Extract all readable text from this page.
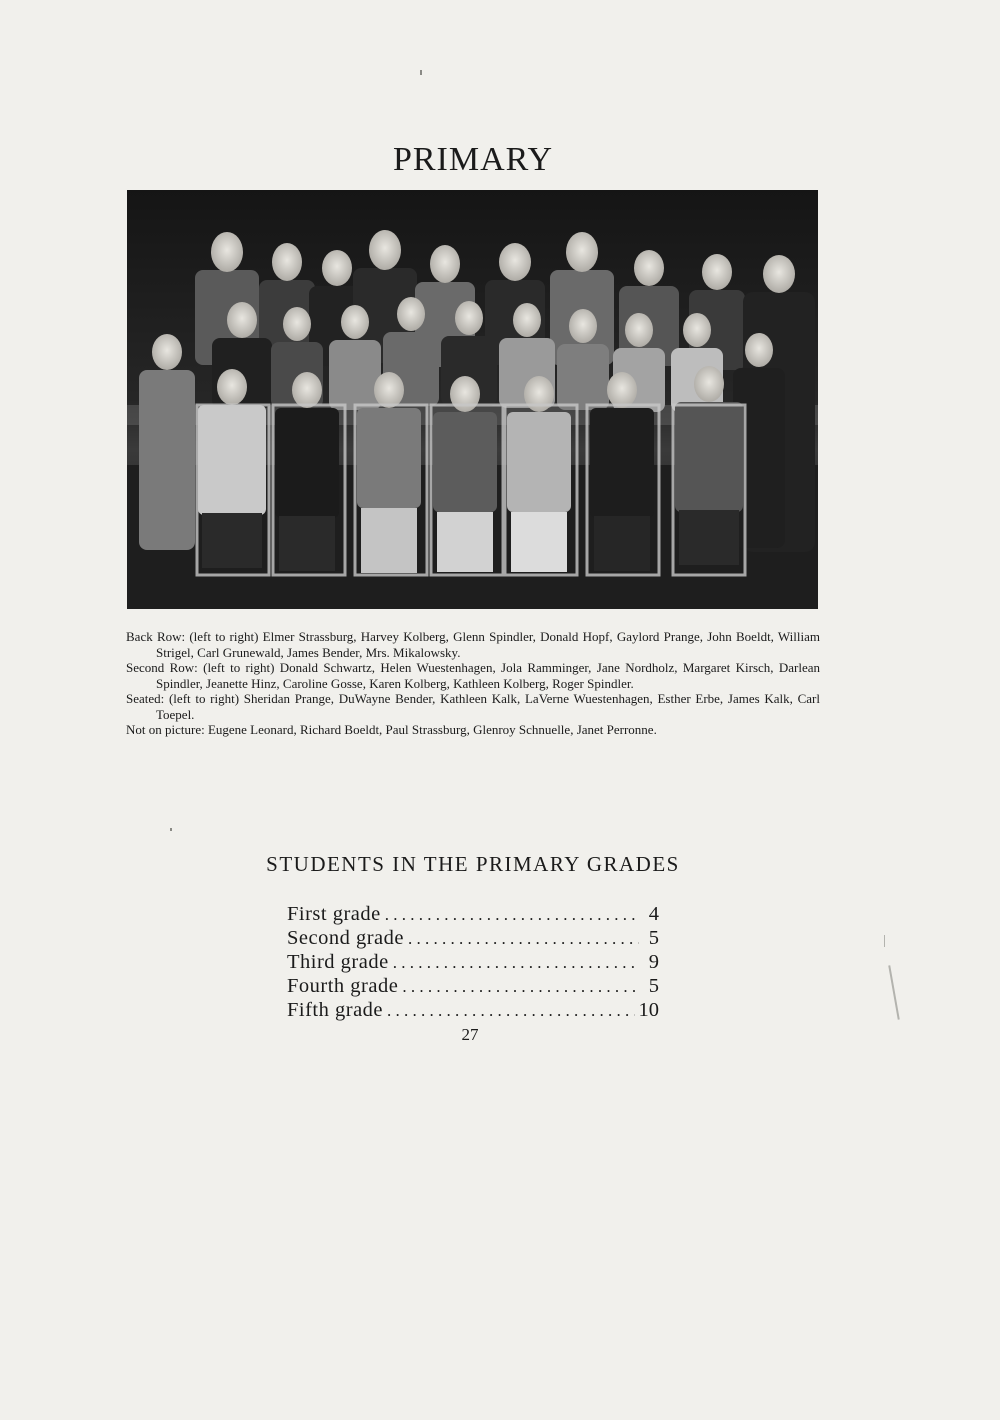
PRIMARY

Back Row: (left to right) Elmer Strassburg, Harvey Kolberg, Glenn Spindler, Donald Hopf, Gaylord Prange, John Boeldt, William Strigel, Carl Grunewald, James Bender, Mrs. Mikalowsky.

Second Row: (left to right) Donald Schwartz, Helen Wuestenhagen, Jola Ramminger, Jane Nordholz, Margaret Kirsch, Darlean Spindler, Jeanette Hinz, Caroline Gosse, Karen Kolberg, Kathleen Kolberg, Roger Spindler.

Seated: (left to right) Sheridan Prange, DuWayne Bender, Kathleen Kalk, LaVerne Wuestenhagen, Esther Erbe, James Kalk, Carl Toepel.

Not on picture: Eugene Leonard, Richard Boeldt, Paul Strassburg, Glenroy Schnuelle, Janet Perronne.

STUDENTS IN THE PRIMARY GRADES
First grade . . .	4
Second grade . . .	5
Third grade . . .	9
Fourth grade . . .	5
Fifth grade . . .	10
27
